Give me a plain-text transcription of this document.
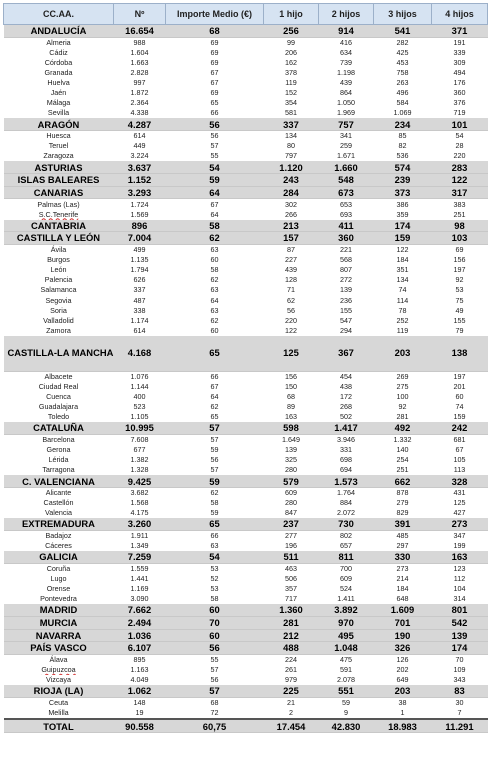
CC.AA.	Nº	Importe Medio (€)	1 hijo	2 hijos	3 hijos	4 hijos
ANDALUCÍA	16.654	68	256	914	541	371
Almeria	988	69	99	416	282	191
Cádiz	1.604	69	206	634	425	339
Córdoba	1.663	69	162	739	453	309
Granada	2.828	67	378	1.198	758	494
Huelva	997	67	119	439	263	176
Jaén	1.872	69	152	864	496	360
Málaga	2.364	65	354	1.050	584	376
Sevilla	4.338	66	581	1.969	1.069	719
ARAGÓN	4.287	56	337	757	234	101
Huesca	614	56	134	341	85	54
Teruel	449	57	80	259	82	28
Zaragoza	3.224	55	797	1.671	536	220
ASTURIAS	3.637	54	1.120	1.660	574	283
ISLAS BALEARES	1.152	59	243	548	239	122
CANARIAS	3.293	64	284	673	373	317
Palmas (Las)	1.724	67	302	653	386	383
S.C.Tenerife	1.569	64	266	693	359	251
CANTABRIA	896	58	213	411	174	98
CASTILLA Y LEÓN	7.004	62	157	360	159	103
Ávila	499	63	87	221	122	69
Burgos	1.135	60	227	568	184	156
León	1.794	58	439	807	351	197
Palencia	626	62	128	272	134	92
Salamanca	337	63	71	139	74	53
Segovia	487	64	62	236	114	75
Soria	338	63	56	155	78	49
Valladolid	1.174	62	220	547	252	155
Zamora	614	60	122	294	119	79
CASTILLA-LA MANCHA	4.168	65	125	367	203	138
Albacete	1.076	66	156	454	269	197
Ciudad Real	1.144	67	150	438	275	201
Cuenca	400	64	68	172	100	60
Guadalajara	523	62	89	268	92	74
Toledo	1.105	65	163	502	281	159
CATALUÑA	10.995	57	598	1.417	492	242
Barcelona	7.608	57	1.649	3.946	1.332	681
Gerona	677	59	139	331	140	67
Lérida	1.382	56	325	698	254	105
Tarragona	1.328	57	280	694	251	113
C. VALENCIANA	9.425	59	579	1.573	662	328
Alicante	3.682	62	609	1.764	878	431
Castellón	1.568	58	280	884	279	125
Valencia	4.175	59	847	2.072	829	427
EXTREMADURA	3.260	65	237	730	391	273
Badajoz	1.911	66	277	802	485	347
Cáceres	1.349	63	196	657	297	199
GALICIA	7.259	54	511	811	330	163
Coruña	1.559	53	463	700	273	123
Lugo	1.441	52	506	609	214	112
Orense	1.169	53	357	524	184	104
Pontevedra	3.090	58	717	1.411	648	314
MADRID	7.662	60	1.360	3.892	1.609	801
MURCIA	2.494	70	281	970	701	542
NAVARRA	1.036	60	212	495	190	139
PAÍS VASCO	6.107	56	488	1.048	326	174
Álava	895	55	224	475	126	70
Guipuzcoa	1.163	57	261	591	202	109
Vizcaya	4.049	56	979	2.078	649	343
RIOJA (LA)	1.062	57	225	551	203	83
Ceuta	148	68	21	59	38	30
Melilla	19	72	2	9	1	7
TOTAL	90.558	60,75	17.454	42.830	18.983	11.291
